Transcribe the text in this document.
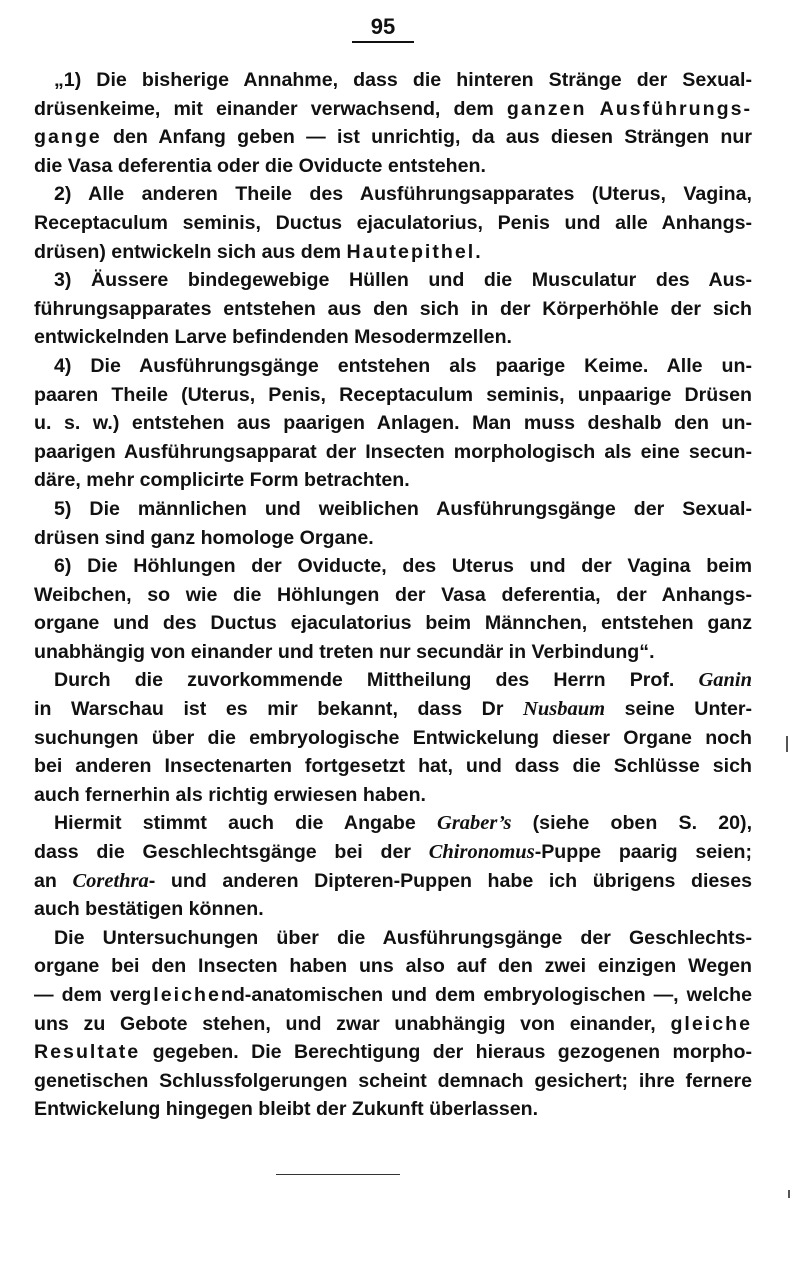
95
„1) Die bisherige Annahme, dass die hinteren Stränge der Sexual-
drüsenkeime, mit einander verwachsend, dem ganzen Ausführungs-
gange den Anfang geben — ist unrichtig, da aus diesen Strängen nur
die Vasa deferentia oder die Oviducte entstehen.
2) Alle anderen Theile des Ausführungsapparates (Uterus, Vagina,
Receptaculum seminis, Ductus ejaculatorius, Penis und alle Anhangs-
drüsen) entwickeln sich aus dem Hautepithel.
3) Äussere bindegewebige Hüllen und die Musculatur des Aus-
führungsapparates entstehen aus den sich in der Körperhöhle der sich
entwickelnden Larve befindenden Mesodermzellen.
4) Die Ausführungsgänge entstehen als paarige Keime. Alle un-
paaren Theile (Uterus, Penis, Receptaculum seminis, unpaarige Drüsen
u. s. w.) entstehen aus paarigen Anlagen. Man muss deshalb den un-
paarigen Ausführungsapparat der Insecten morphologisch als eine secun-
däre, mehr complicirte Form betrachten.
5) Die männlichen und weiblichen Ausführungsgänge der Sexual-
drüsen sind ganz homologe Organe.
6) Die Höhlungen der Oviducte, des Uterus und der Vagina beim
Weibchen, so wie die Höhlungen der Vasa deferentia, der Anhangs-
organe und des Ductus ejaculatorius beim Männchen, entstehen ganz
unabhängig von einander und treten nur secundär in Verbindung“.
Durch die zuvorkommende Mittheilung des Herrn Prof. Ganin
in Warschau ist es mir bekannt, dass Dr Nusbaum seine Unter-
suchungen über die embryologische Entwickelung dieser Organe noch
bei anderen Insectenarten fortgesetzt hat, und dass die Schlüsse sich
auch fernerhin als richtig erwiesen haben.
Hiermit stimmt auch die Angabe Graber’s (siehe oben S. 20),
dass die Geschlechtsgänge bei der Chironomus-Puppe paarig seien;
an Corethra- und anderen Dipteren-Puppen habe ich übrigens dieses
auch bestätigen können.
Die Untersuchungen über die Ausführungsgänge der Geschlechts-
organe bei den Insecten haben uns also auf den zwei einzigen Wegen
— dem vergleichend-anatomischen und dem embryologischen —, welche
uns zu Gebote stehen, und zwar unabhängig von einander, gleiche
Resultate gegeben. Die Berechtigung der hieraus gezogenen morpho-
genetischen Schlussfolgerungen scheint demnach gesichert; ihre fernere
Entwickelung hingegen bleibt der Zukunft überlassen.
